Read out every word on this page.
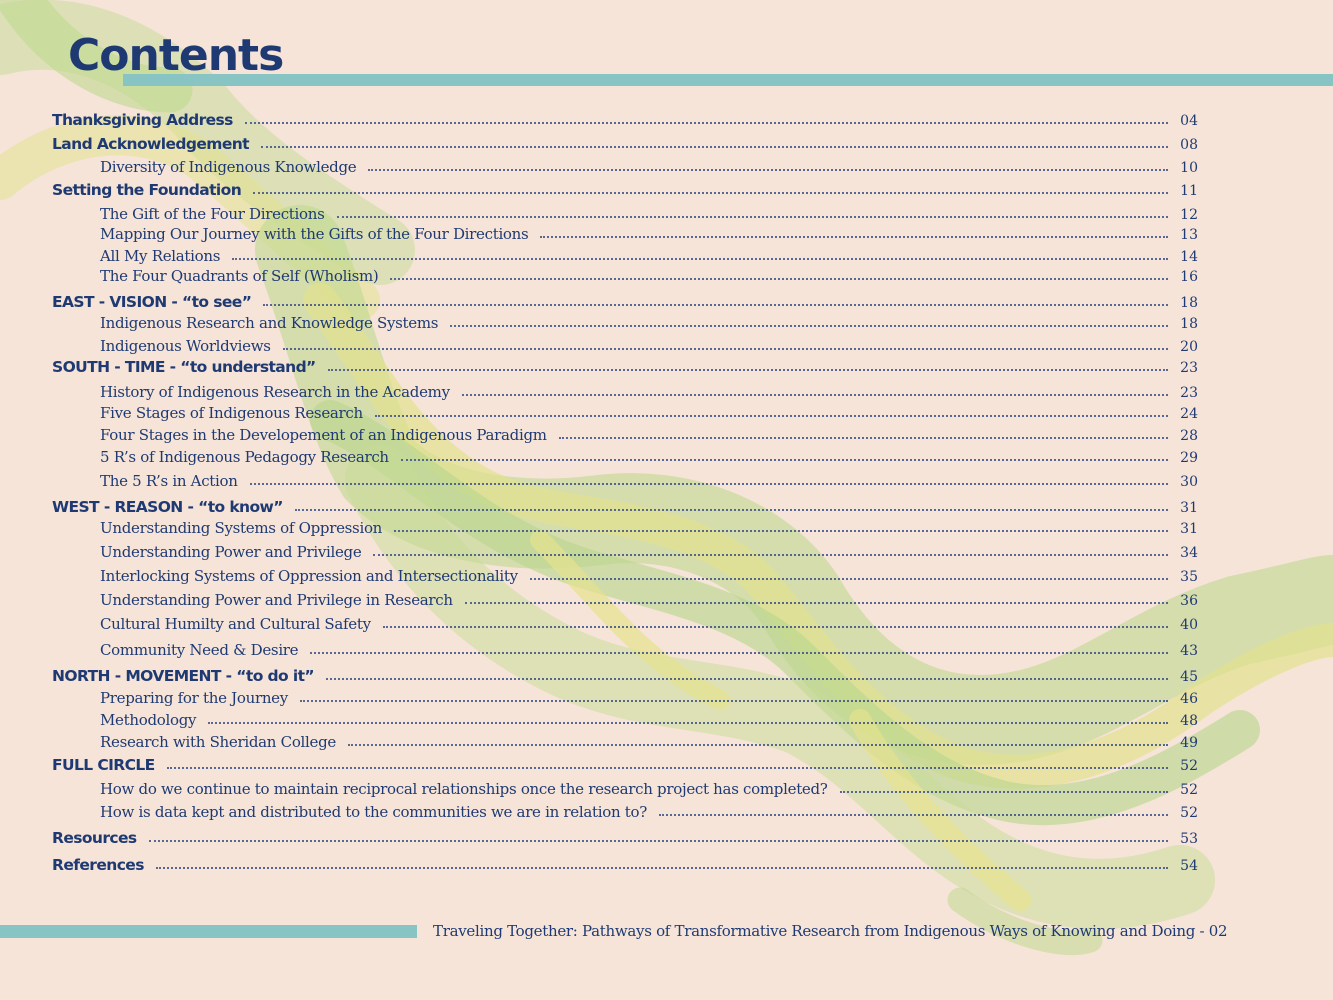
Contents
Thanksgiving Address	04
Land Acknowledgement	08
Diversity of Indigenous Knowledge	10
Setting the Foundation	11
The Gift of the Four Directions	12
Mapping Our Journey with the Gifts of the Four Directions	13
All My Relations	14
The Four Quadrants of Self (Wholism)	16
EAST - VISION - “to see”	18
Indigenous Research and Knowledge Systems	18
Indigenous Worldviews	20
SOUTH - TIME - “to understand”	23
History of Indigenous Research in the Academy	23
Five Stages of Indigenous Research	24
Four Stages in the Developement of an Indigenous Paradigm	28
5 R’s of Indigenous Pedagogy Research	29
The 5 R’s in Action	30
WEST - REASON - “to know”	31
Understanding Systems of Oppression	31
Understanding Power and Privilege	34
Interlocking Systems of Oppression and Intersectionality	35
Understanding Power and Privilege in Research	36
Cultural Humilty and Cultural Safety	40
Community Need & Desire	43
NORTH - MOVEMENT - “to do it”	45
Preparing for the Journey	46
Methodology	48
Research with Sheridan College	49
FULL CIRCLE	52
How do we continue to maintain reciprocal relationships once the research project has completed?	52
How is data kept and distributed to the communities we are in relation to?	52
Resources	53
References	54
Traveling Together: Pathways of Transformative Research from Indigenous Ways of Knowing and Doing - 02
